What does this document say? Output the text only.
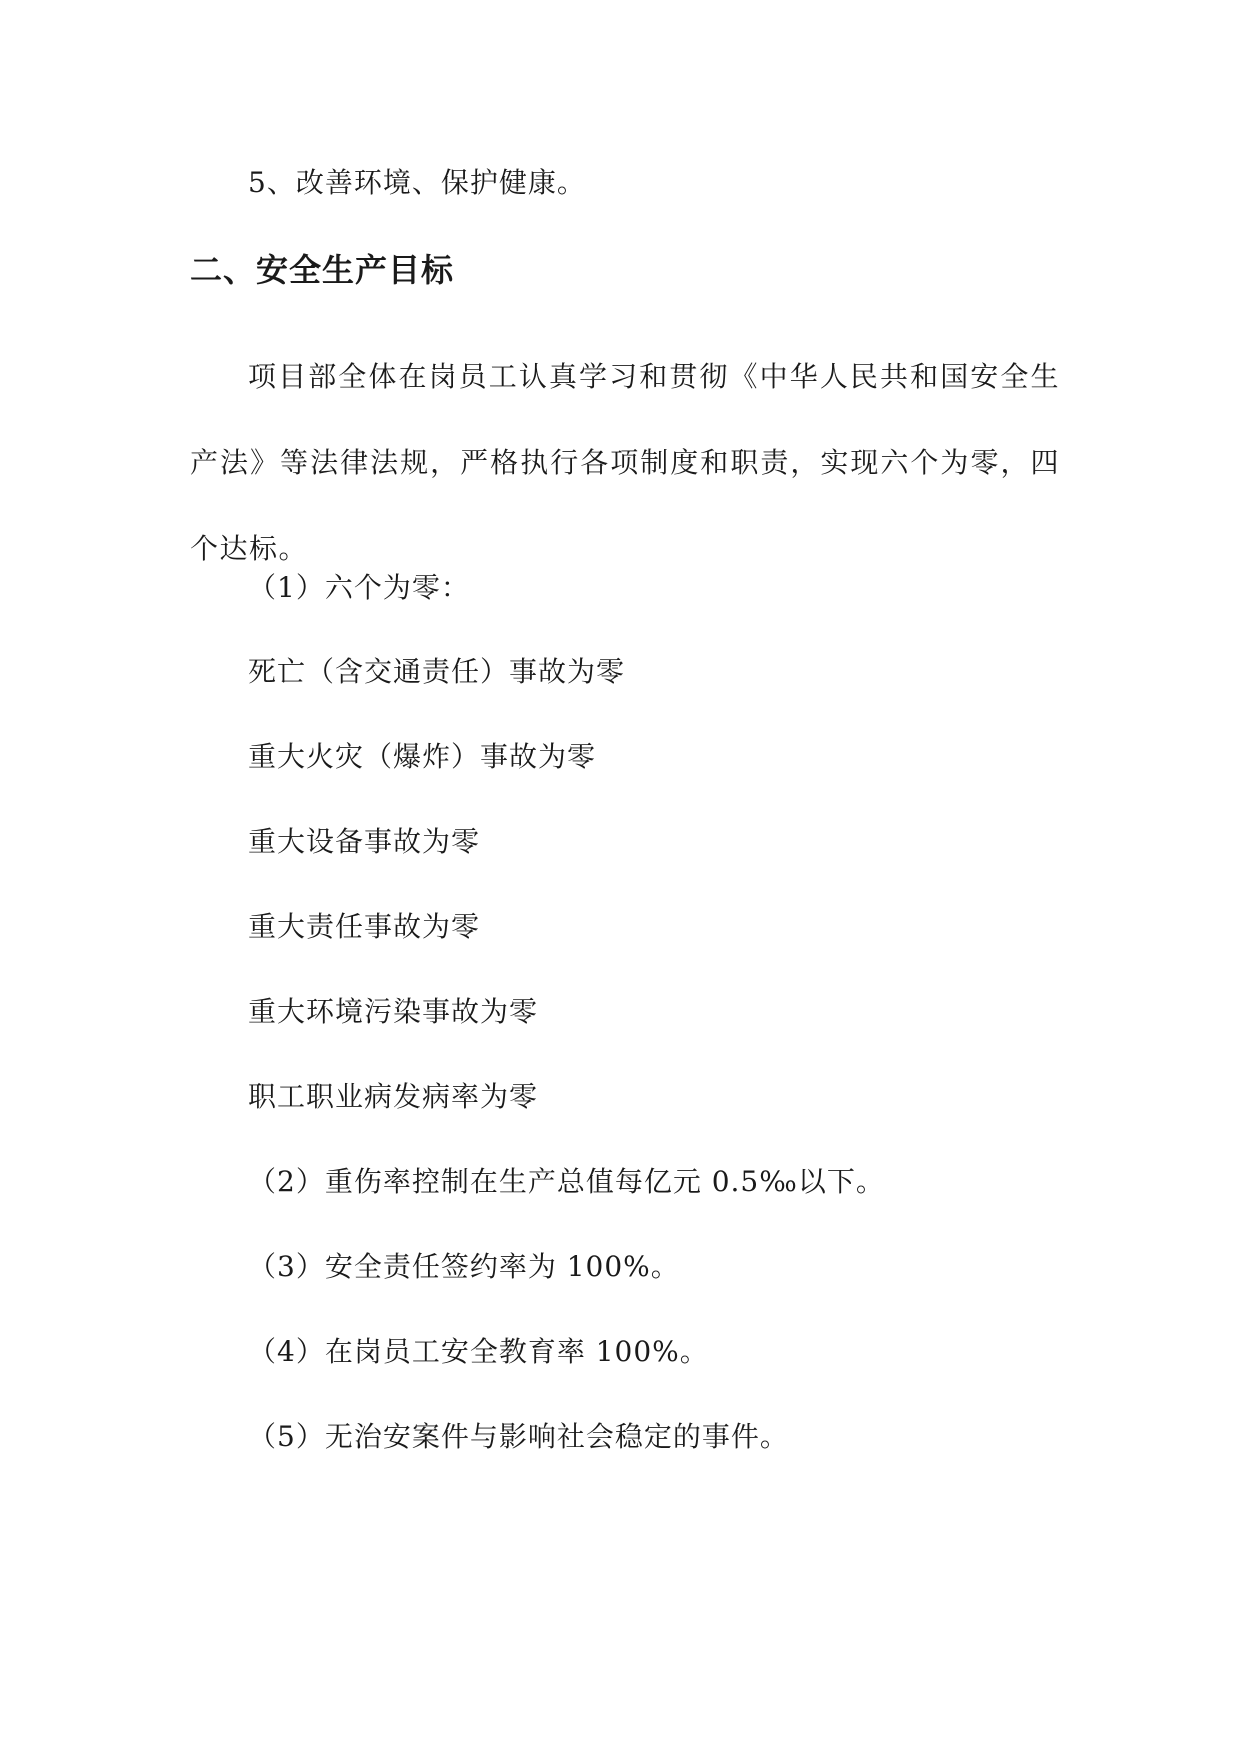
5、改善环境、保护健康。
二、安全生产目标
项目部全体在岗员工认真学习和贯彻《中华人民共和国安全生产法》等法律法规，严格执行各项制度和职责，实现六个为零，四个达标。
（1）六个为零：
死亡（含交通责任）事故为零
重大火灾（爆炸）事故为零
重大设备事故为零
重大责任事故为零
重大环境污染事故为零
职工职业病发病率为零
（2）重伤率控制在生产总值每亿元 0.5‰以下。
（3）安全责任签约率为 100%。
（4）在岗员工安全教育率 100%。
（5）无治安案件与影响社会稳定的事件。
